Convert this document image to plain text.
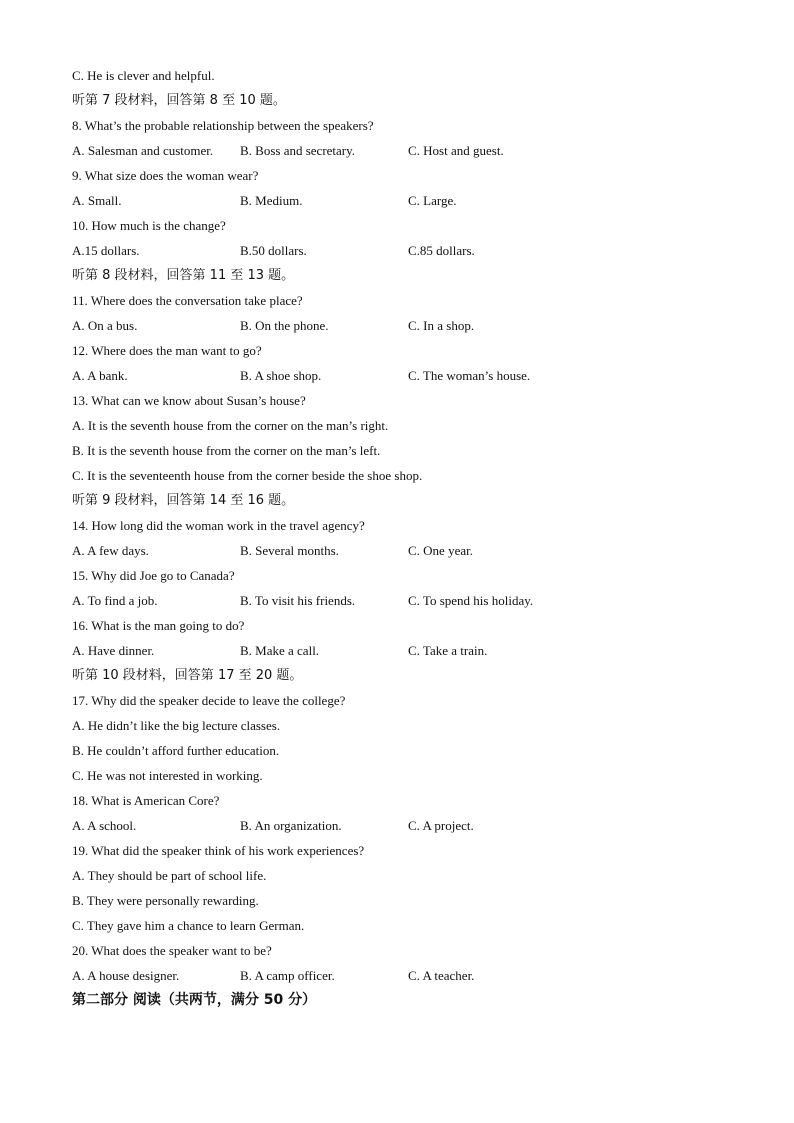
C. He is clever and helpful.
听第 7 段材料，回答第 8 至 10 题。
8. What’s the probable relationship between the speakers?
A. Salesman and customer. B. Boss and secretary.	C. Host and guest.
9. What size does the woman wear?
A. Small.	B. Medium.	C. Large.
10. How much is the change?
A.15 dollars.	B.50 dollars.	C.85 dollars.
听第 8 段材料，回答第 11 至 13 题。
11. Where does the conversation take place?
A. On a bus.	B. On the phone.	C. In a shop.
12. Where does the man want to go?
A. A bank.	B. A shoe shop.	C. The woman’s house.
13. What can we know about Susan’s house?
A. It is the seventh house from the corner on the man’s right.
B. It is the seventh house from the corner on the man’s left.
C. It is the seventeenth house from the corner beside the shoe shop.
听第 9 段材料，回答第 14 至 16 题。
14. How long did the woman work in the travel agency?
A. A few days.	B. Several months.	C. One year.
15. Why did Joe go to Canada?
A. To find a job.	B. To visit his friends.	C. To spend his holiday.
16. What is the man going to do?
A. Have dinner.	B. Make a call.	C. Take a train.
听第 10 段材料，回答第 17 至 20 题。
17. Why did the speaker decide to leave the college?
A. He didn’t like the big lecture classes.
B. He couldn’t afford further education.
C. He was not interested in working.
18. What is American Core?
A. A school.	B. An organization.	C. A project.
19. What did the speaker think of his work experiences?
A. They should be part of school life.
B. They were personally rewarding.
C. They gave him a chance to learn German.
20. What does the speaker want to be?
A. A house designer.	B. A camp officer.	C. A teacher.
第二部分 阅读（共两节，满分 50 分）
